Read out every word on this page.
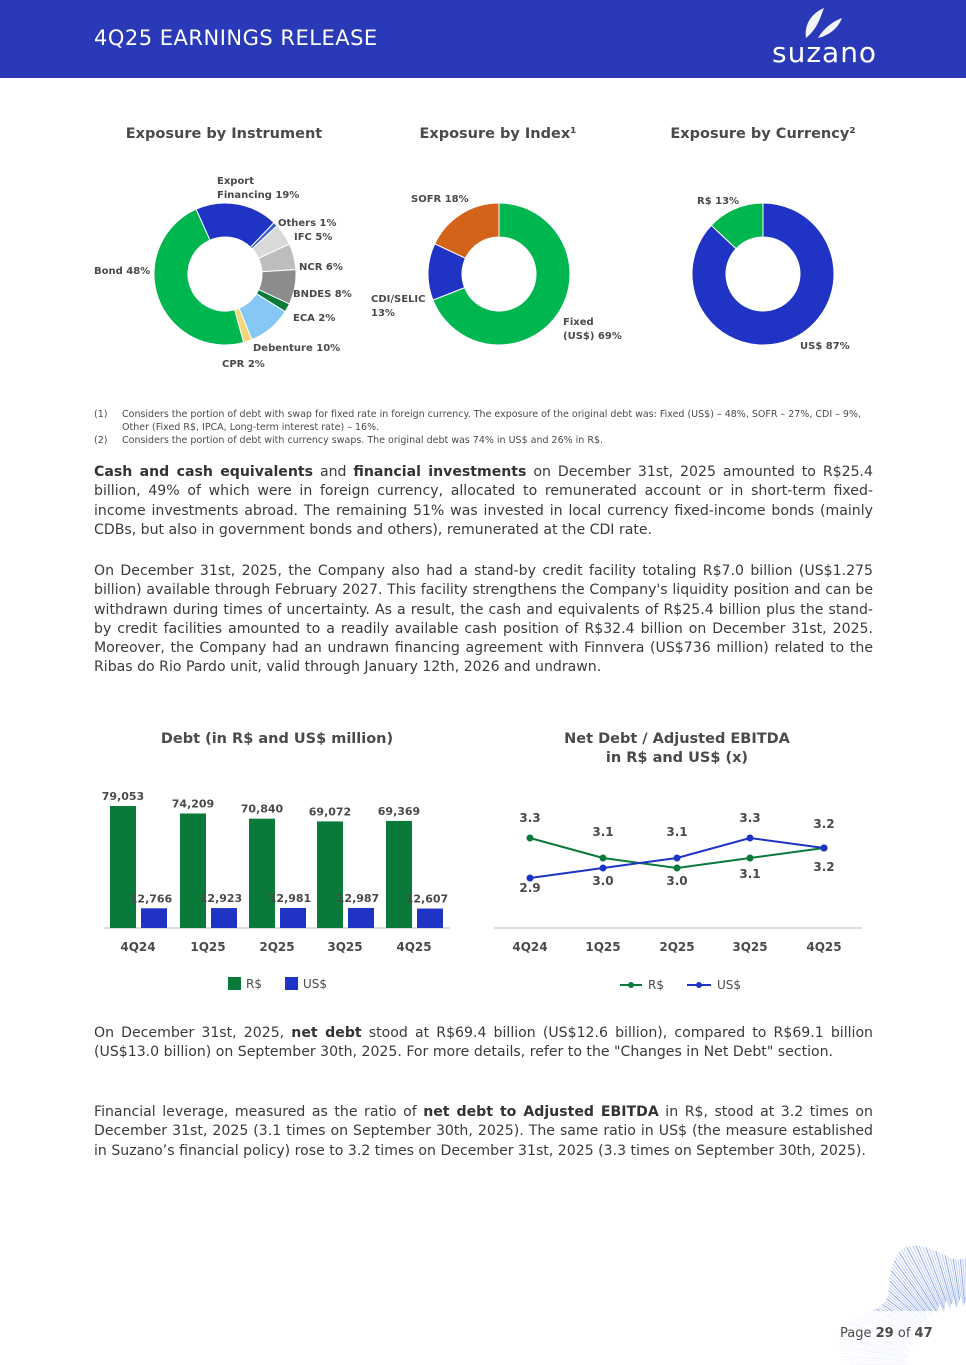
4Q25 EARNINGS RELEASE	suzano
Exposure by Instrument	Exposure by Index¹	Exposure by Currency²
Export
Financing 19%
Others 1%
IFC 5%
NCR 6%
BNDES 8%
ECA 2%
Debenture 10%
CPR 2%
Bond 48%
SOFR 18%
CDI/SELIC
13%
Fixed
(US$) 69%
R$ 13%
US$ 87%
(1) Considers the portion of debt with swap for fixed rate in foreign currency. The exposure of the original debt was: Fixed (US$) – 48%, SOFR – 27%, CDI – 9%, Other (Fixed R$, IPCA, Long-term interest rate) – 16%.
(2) Considers the portion of debt with currency swaps. The original debt was 74% in US$ and 26% in R$.
Cash and cash equivalents and financial investments on December 31st, 2025 amounted to R$25.4 billion, 49% of which were in foreign currency, allocated to remunerated account or in short-term fixed-income investments abroad. The remaining 51% was invested in local currency fixed-income bonds (mainly CDBs, but also in government bonds and others), remunerated at the CDI rate.
On December 31st, 2025, the Company also had a stand-by credit facility totaling R$7.0 billion (US$1.275 billion) available through February 2027. This facility strengthens the Company's liquidity position and can be withdrawn during times of uncertainty. As a result, the cash and equivalents of R$25.4 billion plus the stand-by credit facilities amounted to a readily available cash position of R$32.4 billion on December 31st, 2025. Moreover, the Company had an undrawn financing agreement with Finnvera (US$736 million) related to the Ribas do Rio Pardo unit, valid through January 12th, 2026 and undrawn.
Debt (in R$ and US$ million)
79,053
12,766
4Q24
74,209
12,923
1Q25
70,840
12,981
2Q25
69,072
12,987
3Q25
69,369
12,607
4Q25
R$	US$
Net Debt / Adjusted EBITDA
in R$ and US$ (x)
3.3
2.9
4Q24
3.1
3.0
1Q25
3.1
3.0
2Q25
3.3
3.1
3Q25
3.2
3.2
4Q25
R$	US$
On December 31st, 2025, net debt stood at R$69.4 billion (US$12.6 billion), compared to R$69.1 billion (US$13.0 billion) on September 30th, 2025. For more details, refer to the "Changes in Net Debt" section.
Financial leverage, measured as the ratio of net debt to Adjusted EBITDA in R$, stood at 3.2 times on December 31st, 2025 (3.1 times on September 30th, 2025). The same ratio in US$ (the measure established in Suzano’s financial policy) rose to 3.2 times on December 31st, 2025 (3.3 times on September 30th, 2025).
Page 29 of 47
